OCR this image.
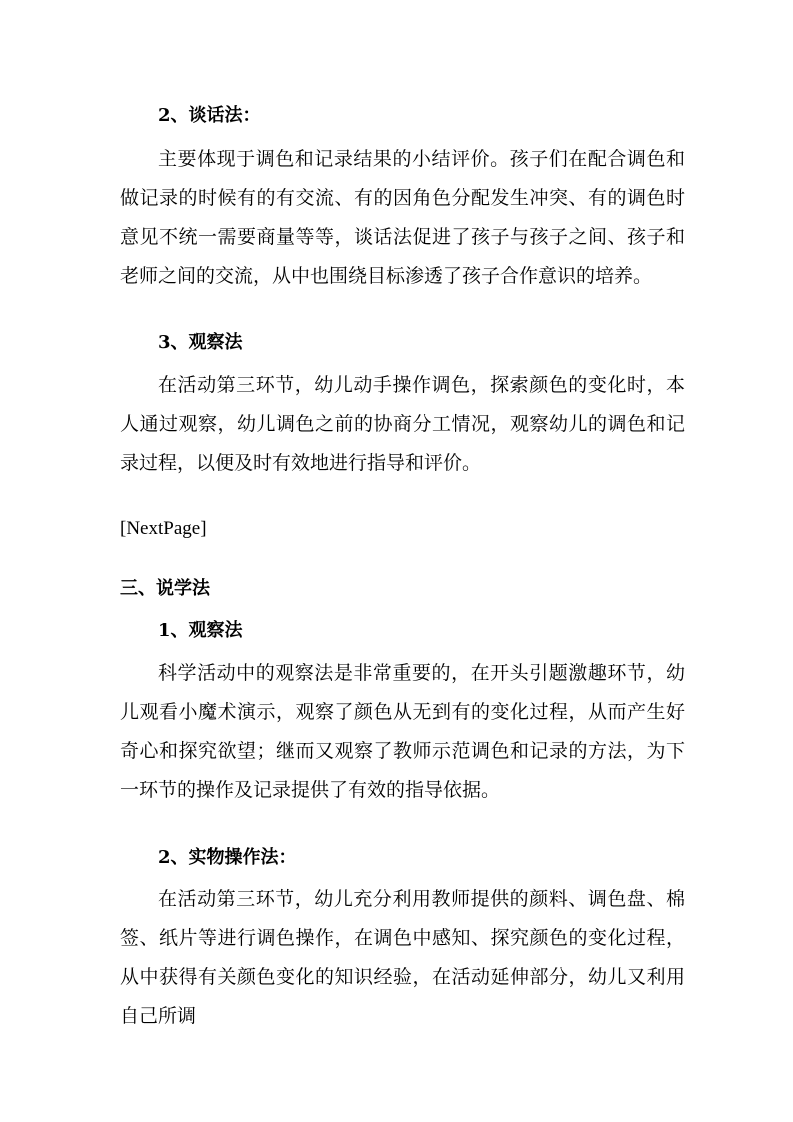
2、谈话法：
主要体现于调色和记录结果的小结评价。孩子们在配合调色和做记录的时候有的有交流、有的因角色分配发生冲突、有的调色时意见不统一需要商量等等，谈话法促进了孩子与孩子之间、孩子和老师之间的交流，从中也围绕目标渗透了孩子合作意识的培养。
3、观察法
在活动第三环节，幼儿动手操作调色，探索颜色的变化时，本人通过观察，幼儿调色之前的协商分工情况，观察幼儿的调色和记录过程，以便及时有效地进行指导和评价。
[NextPage]
三、说学法
1、观察法
科学活动中的观察法是非常重要的，在开头引题激趣环节，幼儿观看小魔术演示，观察了颜色从无到有的变化过程，从而产生好奇心和探究欲望；继而又观察了教师示范调色和记录的方法，为下一环节的操作及记录提供了有效的指导依据。
2、实物操作法：
在活动第三环节，幼儿充分利用教师提供的颜料、调色盘、棉签、纸片等进行调色操作，在调色中感知、探究颜色的变化过程，从中获得有关颜色变化的知识经验，在活动延伸部分，幼儿又利用自己所调
